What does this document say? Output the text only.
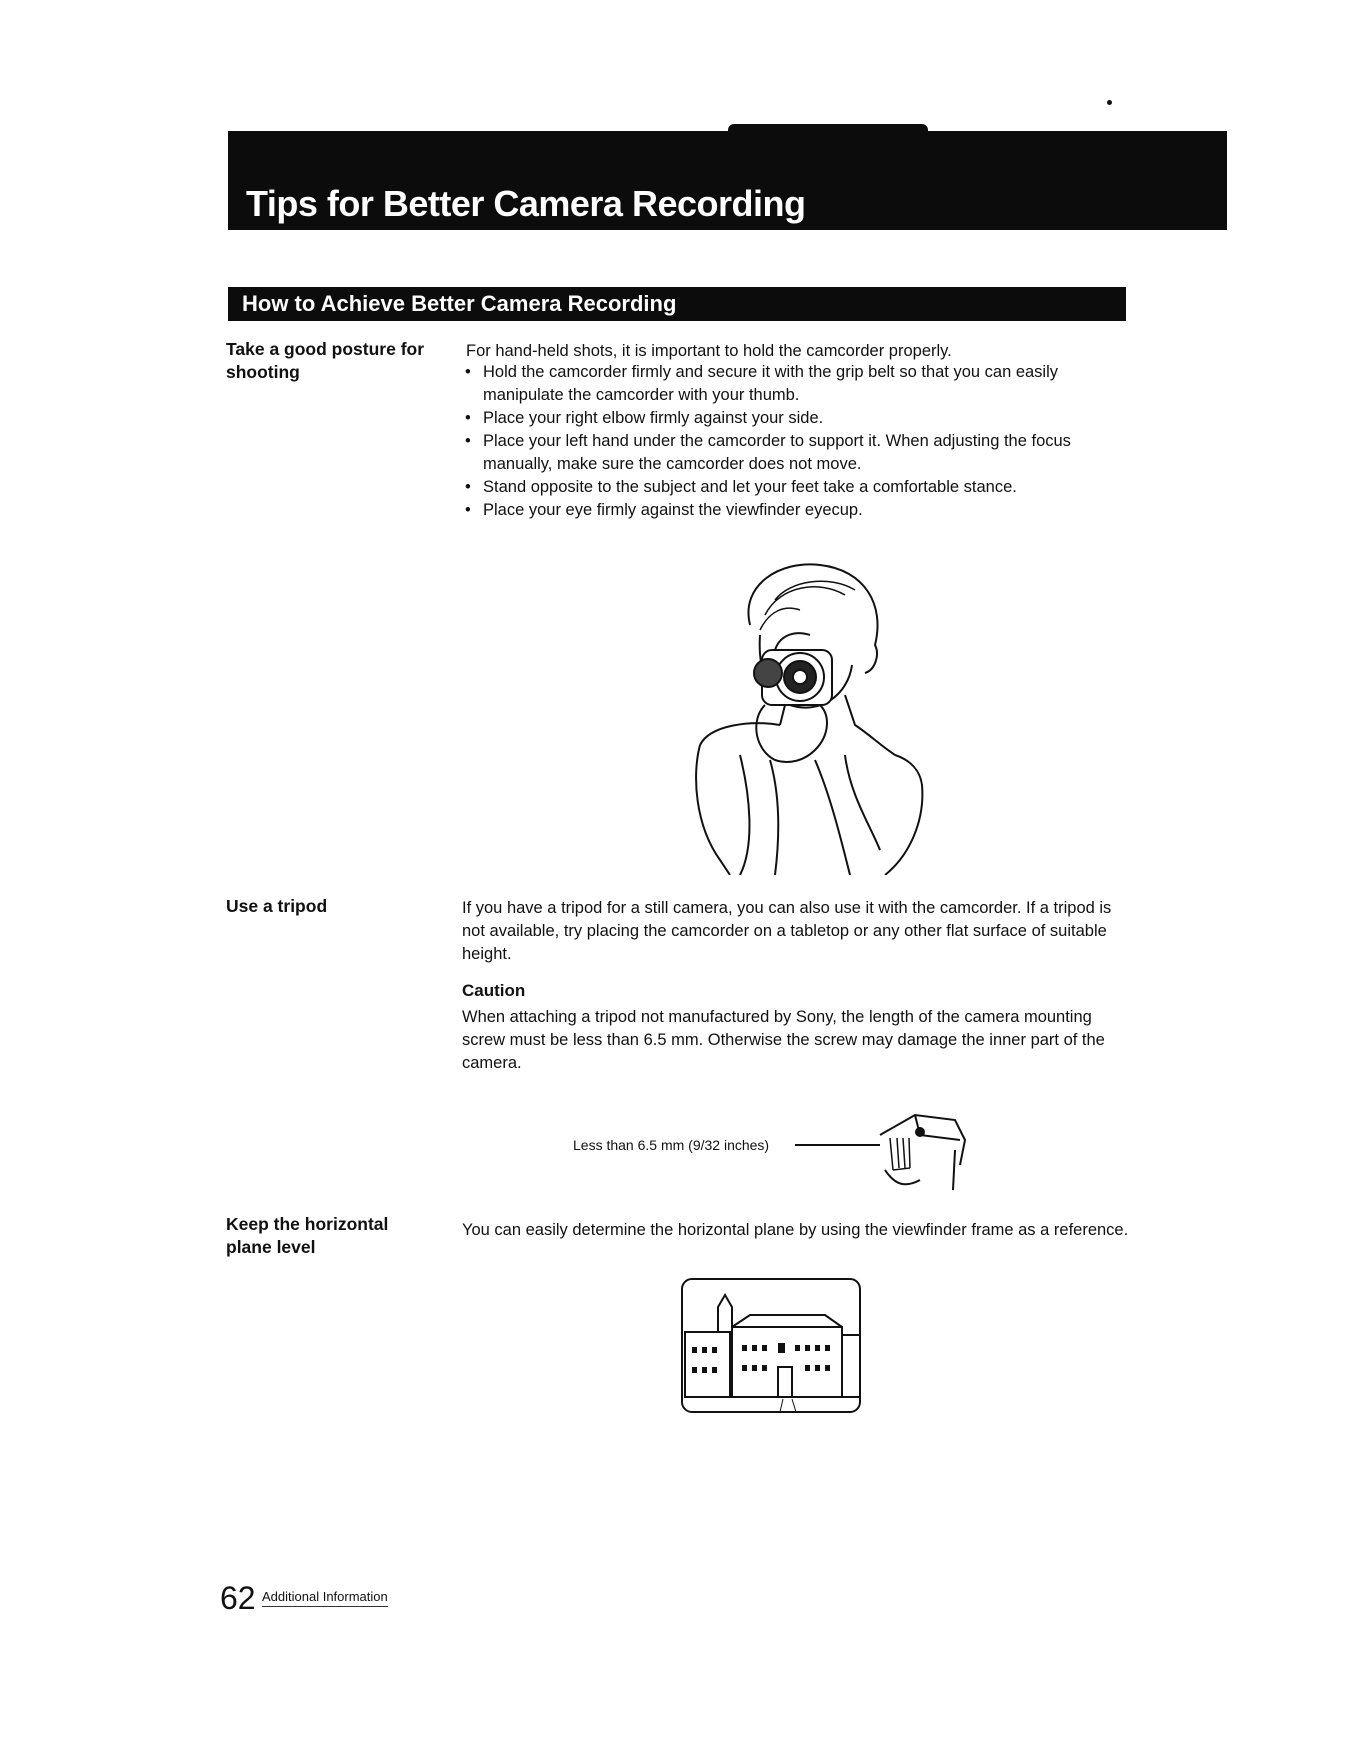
Tips for Better Camera Recording
How to Achieve Better Camera Recording

Take a good posture for shooting

For hand-held shots, it is important to hold the camcorder properly.

• Hold the camcorder firmly and secure it with the grip belt so that you can easily manipulate the camcorder with your thumb.
• Place your right elbow firmly against your side.
• Place your left hand under the camcorder to support it. When adjusting the focus manually, make sure the camcorder does not move.
• Stand opposite to the subject and let your feet take a comfortable stance.
• Place your eye firmly against the viewfinder eyecup.

Use a tripod	If you have a tripod for a still camera, you can also use it with the camcorder. If a tripod is not available, try placing the camcorder on a tabletop or any other flat surface of suitable height.

Caution

When attaching a tripod not manufactured by Sony, the length of the camera mounting screw must be less than 6.5 mm. Otherwise the screw may damage the inner part of the camera.

Less than 6.5 mm (9/32 inches)

Keep the horizontal plane level

You can easily determine the horizontal plane by using the viewfinder frame as a reference.

62 Additional Information
